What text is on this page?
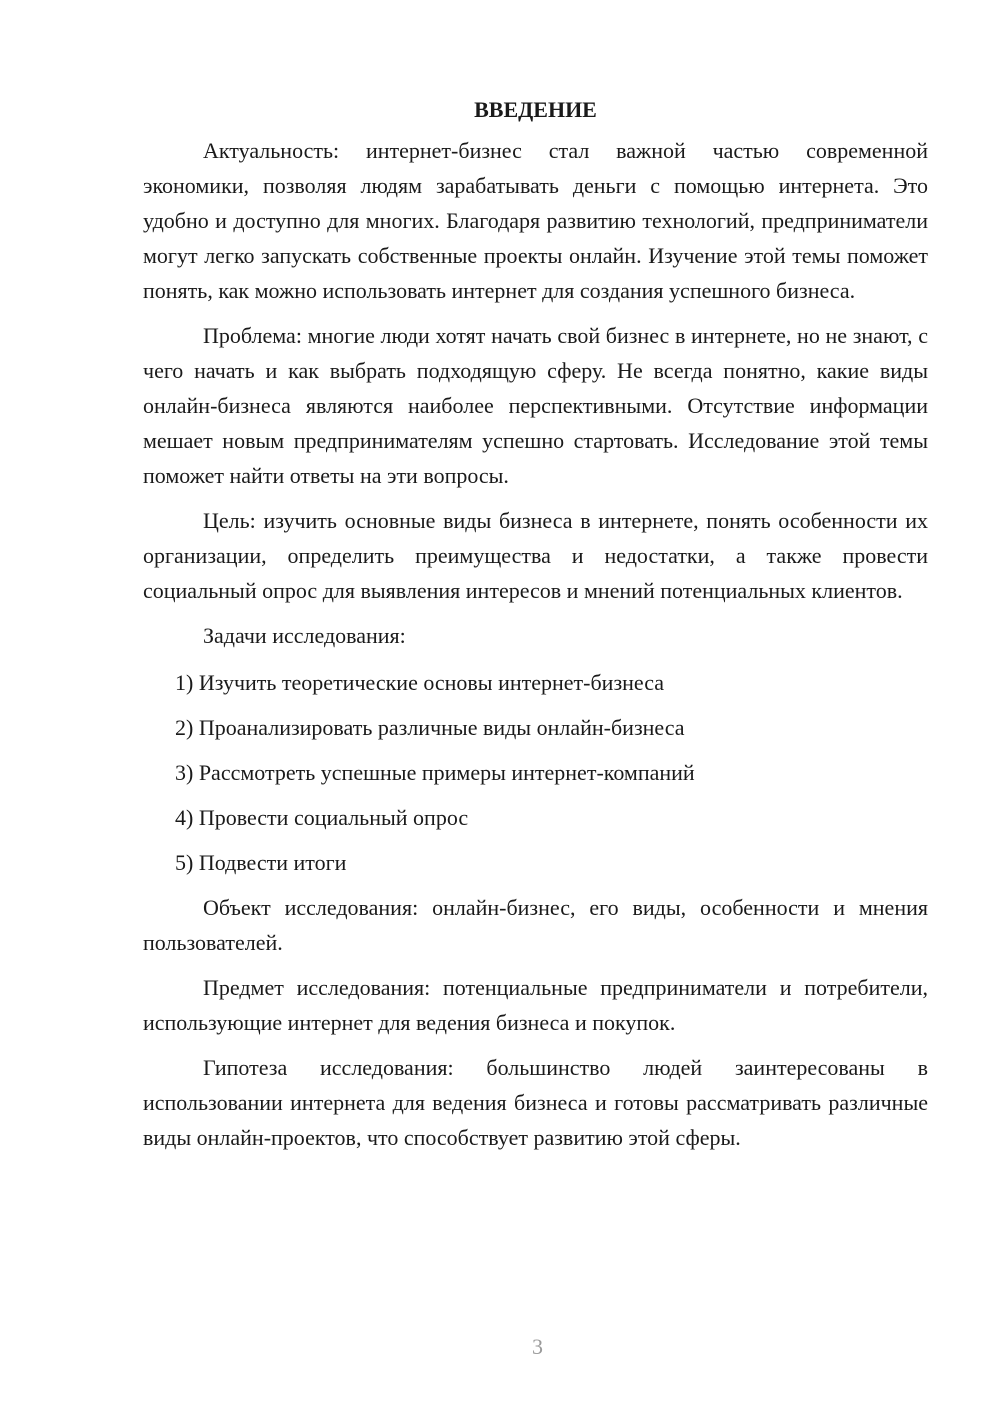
ВВЕДЕНИЕ

Актуальность: интернет-бизнес стал важной частью современной экономики, позволяя людям зарабатывать деньги с помощью интернета. Это удобно и доступно для многих. Благодаря развитию технологий, предприниматели могут легко запускать собственные проекты онлайн. Изучение этой темы поможет понять, как можно использовать интернет для создания успешного бизнеса.

Проблема: многие люди хотят начать свой бизнес в интернете, но не знают, с чего начать и как выбрать подходящую сферу. Не всегда понятно, какие виды онлайн-бизнеса являются наиболее перспективными. Отсутствие информации мешает новым предпринимателям успешно стартовать. Исследование этой темы поможет найти ответы на эти вопросы.

Цель: изучить основные виды бизнеса в интернете, понять особенности их организации, определить преимущества и недостатки, а также провести социальный опрос для выявления интересов и мнений потенциальных клиентов.

Задачи исследования:

1) Изучить теоретические основы интернет-бизнеса
2) Проанализировать различные виды онлайн-бизнеса
3) Рассмотреть успешные примеры интернет-компаний
4) Провести социальный опрос
5) Подвести итоги

Объект исследования: онлайн-бизнес, его виды, особенности и мнения пользователей.

Предмет исследования: потенциальные предприниматели и потребители, использующие интернет для ведения бизнеса и покупок.

Гипотеза исследования: большинство людей заинтересованы в использовании интернета для ведения бизнеса и готовы рассматривать различные виды онлайн-проектов, что способствует развитию этой сферы.

3
